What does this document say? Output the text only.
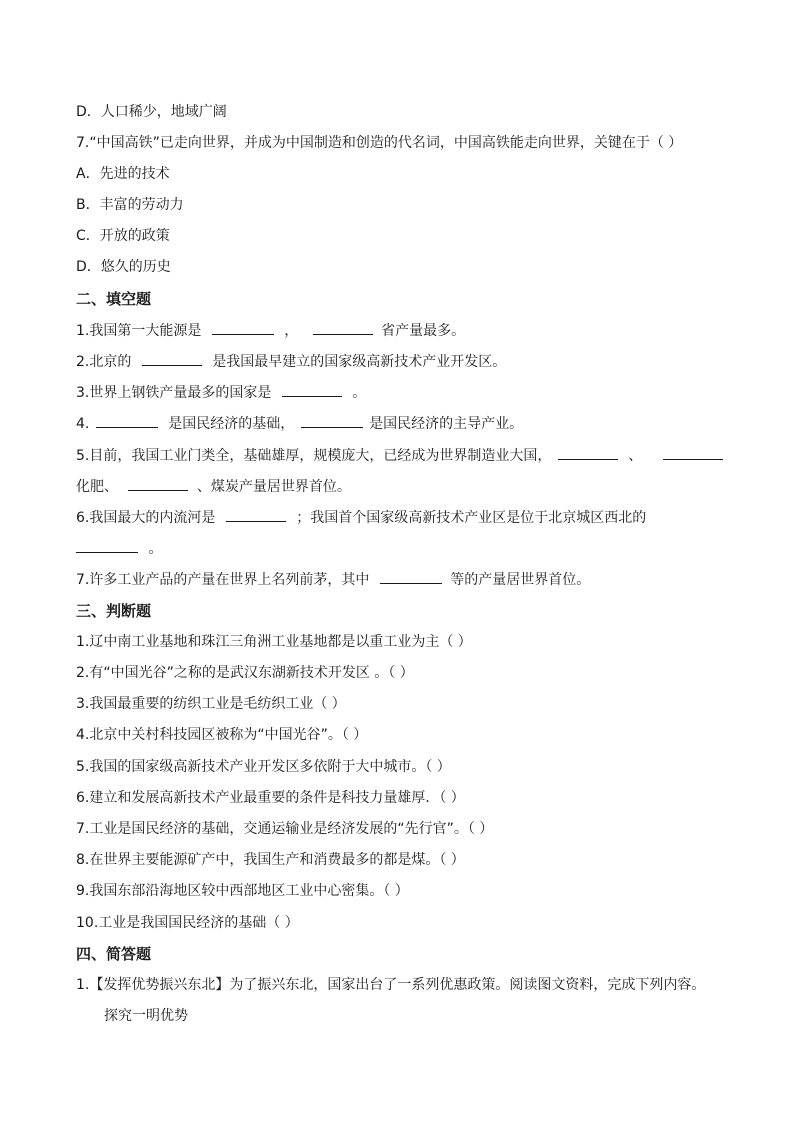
D．人口稀少，地域广阔
7.“中国高铁”已走向世界，并成为中国制造和创造的代名词，中国高铁能走向世界，关键在于（ ）
A．先进的技术
B．丰富的劳动力
C．开放的政策
D．悠久的历史
二、填空题
1.我国第一大能源是	，	省产量最多。
2.北京的	是我国最早建立的国家级高新技术产业开发区。
3.世界上钢铁产量最多的国家是	。
4.	是国民经济的基础，	是国民经济的主导产业。
5.目前，我国工业门类全，基础雄厚，规模庞大，已经成为世界制造业大国，	、
化肥、	、煤炭产量居世界首位。
6.我国最大的内流河是	；我国首个国家级高新技术产业区是位于北京城区西北的
。
7.许多工业产品的产量在世界上名列前茅，其中	等的产量居世界首位。
三、判断题
1.辽中南工业基地和珠江三角洲工业基地都是以重工业为主（ ）
2.有“中国光谷”之称的是武汉东湖新技术开发区 。（ ）
3.我国最重要的纺织工业是毛纺织工业（ ）
4.北京中关村科技园区被称为“中国光谷”。（ ）
5.我国的国家级高新技术产业开发区多依附于大中城市。（ ）
6.建立和发展高新技术产业最重要的条件是科技力量雄厚．（ ）
7.工业是国民经济的基础，交通运输业是经济发展的“先行官”。（ ）
8.在世界主要能源矿产中，我国生产和消费最多的都是煤。（ ）
9.我国东部沿海地区较中西部地区工业中心密集。（ ）
10.工业是我国国民经济的基础（ ）
四、简答题
1.【发挥优势振兴东北】为了振兴东北，国家出台了一系列优惠政策。阅读图文资料，完成下列内容。
探究一明优势
